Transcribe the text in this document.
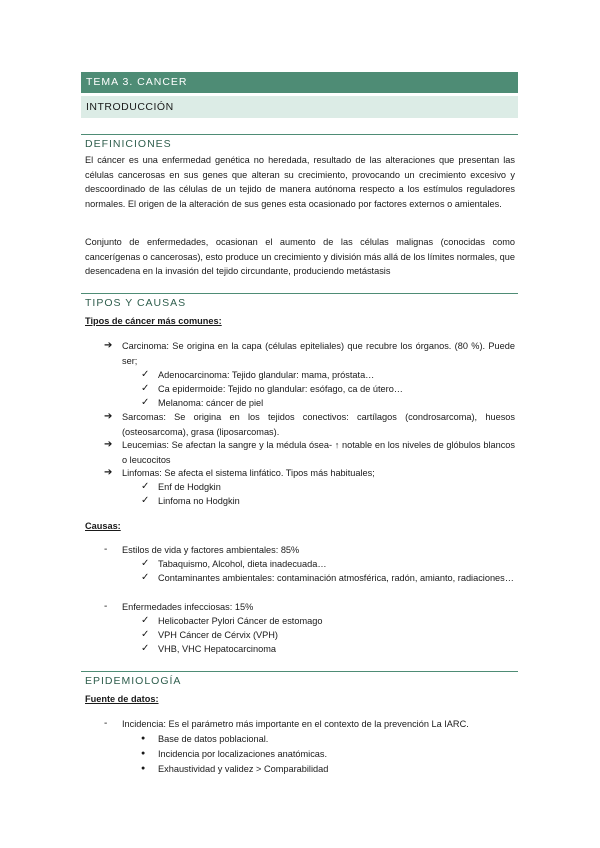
TEMA 3. CANCER
INTRODUCCIÓN
DEFINICIONES

El cáncer es una enfermedad genética no heredada, resultado de las alteraciones que presentan las células cancerosas en sus genes que alteran su crecimiento, provocando un crecimiento excesivo y descoordinado de las células de un tejido de manera autónoma respecto a los estímulos reguladores normales. El origen de la alteración de sus genes esta ocasionado por factores externos o amientales.

Conjunto de enfermedades, ocasionan el aumento de las células malignas (conocidas como cancerígenas o cancerosas), esto produce un crecimiento y división más allá de los límites normales, que desencadena en la invasión del tejido circundante, produciendo metástasis

TIPOS Y CAUSAS
Tipos de cáncer más comunes:
➔ Carcinoma: Se origina en la capa (células epiteliales) que recubre los órganos. (80 %). Puede ser;
✓ Adenocarcinoma: Tejido glandular: mama, próstata…
✓ Ca epidermoide: Tejido no glandular: esófago, ca de útero…
✓ Melanoma: cáncer de piel
➔ Sarcomas: Se origina en los tejidos conectivos: cartílagos (condrosarcoma), huesos (osteosarcoma), grasa (liposarcomas).
➔ Leucemias: Se afectan la sangre y la médula ósea- ↑ notable en los niveles de glóbulos blancos o leucocitos
➔ Linfomas: Se afecta el sistema linfático. Tipos más habituales;
✓ Enf de Hodgkin
✓ Linfoma no Hodgkin
Causas:
- Estilos de vida y factores ambientales: 85%
✓ Tabaquismo, Alcohol, dieta inadecuada…
✓ Contaminantes ambientales: contaminación atmosférica, radón, amianto, radiaciones…
- Enfermedades infecciosas: 15%
✓ Helicobacter Pylori Cáncer de estomago
✓ VPH Cáncer de Cérvix (VPH)
✓ VHB, VHC Hepatocarcinoma
EPIDEMIOLOGÍA
Fuente de datos:
- Incidencia: Es el parámetro más importante en el contexto de la prevención La IARC.
● Base de datos poblacional.
● Incidencia por localizaciones anatómicas.
● Exhaustividad y validez > Comparabilidad
